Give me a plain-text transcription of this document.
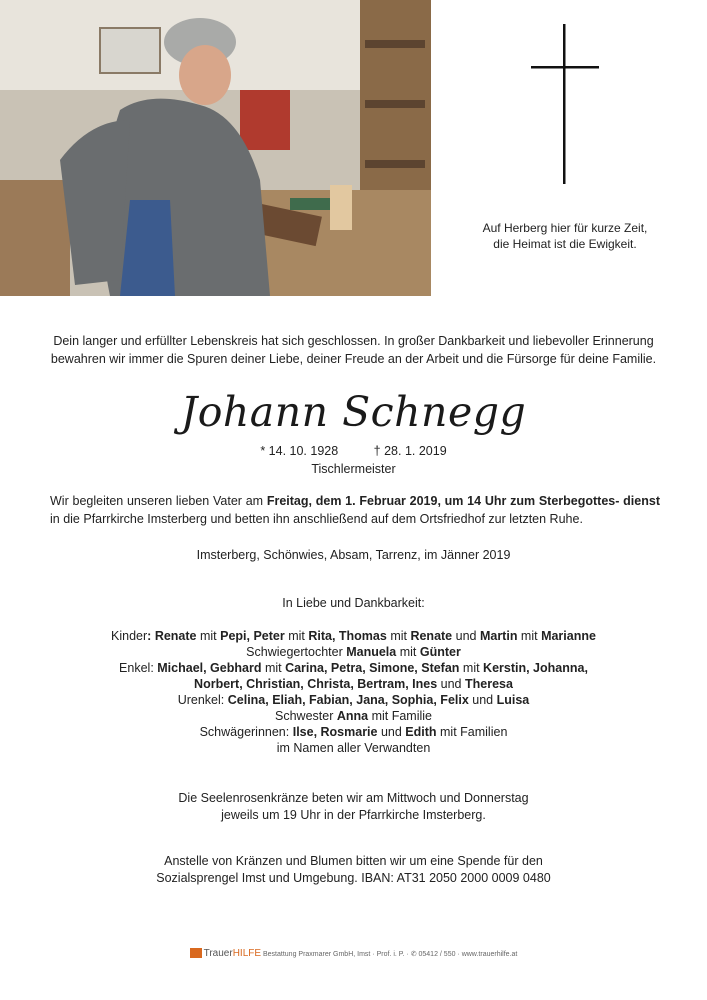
Auf Herberg hier für kurze Zeit,
die Heimat ist die Ewigkeit.
Dein langer und erfüllter Lebenskreis hat sich geschlossen. In großer Dankbarkeit und liebevoller Erinnerung
bewahren wir immer die Spuren deiner Liebe, deiner Freude an der Arbeit und die Fürsorge für deine Familie.
Johann Schnegg
* 14. 10. 1928	† 28. 1. 2019
Tischlermeister
Wir begleiten unseren lieben Vater am Freitag, dem 1. Februar 2019, um 14 Uhr zum Sterbegottes- dienst in die Pfarrkirche Imsterberg und betten ihn anschließend auf dem Ortsfriedhof zur letzten Ruhe.
Imsterberg, Schönwies, Absam, Tarrenz, im Jänner 2019
In Liebe und Dankbarkeit:
Kinder: Renate mit Pepi, Peter mit Rita, Thomas mit Renate und Martin mit Marianne
Schwiegertochter Manuela mit Günter
Enkel: Michael, Gebhard mit Carina, Petra, Simone, Stefan mit Kerstin, Johanna,
Norbert, Christian, Christa, Bertram, Ines und Theresa
Urenkel: Celina, Eliah, Fabian, Jana, Sophia, Felix und Luisa
Schwester Anna mit Familie
Schwägerinnen: Ilse, Rosmarie und Edith mit Familien
im Namen aller Verwandten
Die Seelenrosenkränze beten wir am Mittwoch und Donnerstag
jeweils um 19 Uhr in der Pfarrkirche Imsterberg.
Anstelle von Kränzen und Blumen bitten wir um eine Spende für den
Sozialsprengel Imst und Umgebung. IBAN: AT31 2050 2000 0009 0480
TrauerHILFE Bestattung Praxmarer GmbH, Imst · Prof. i. P. · ✆ 05412 / 550 · www.trauerhilfe.at
